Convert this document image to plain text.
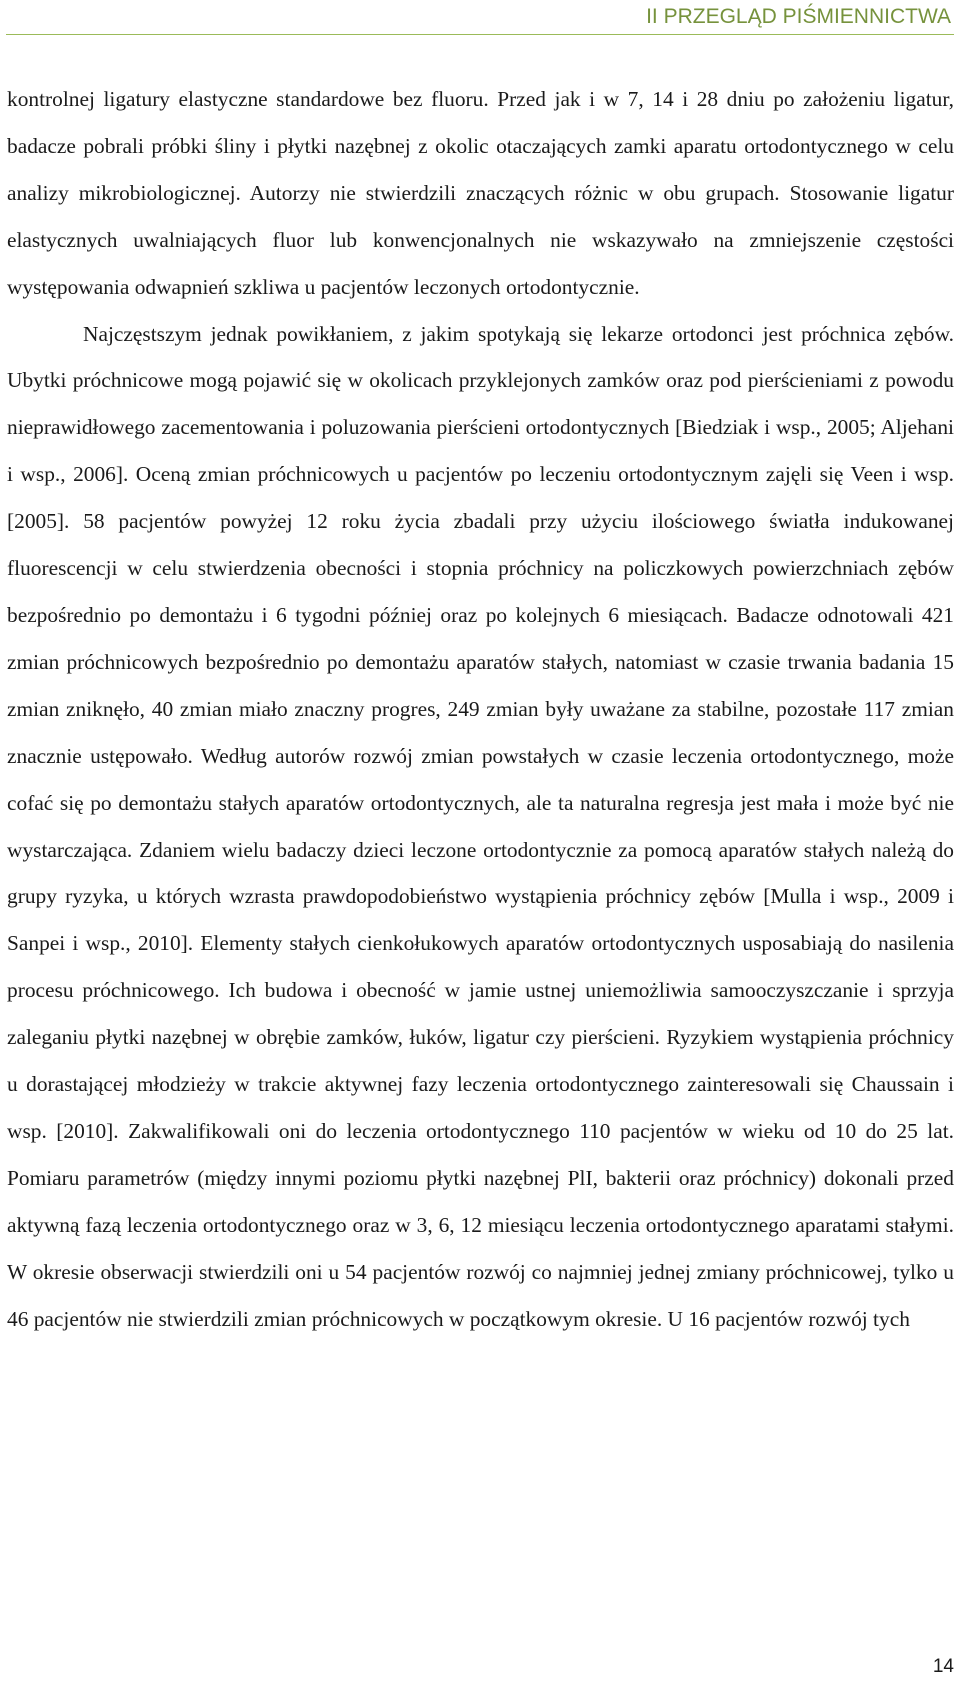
II PRZEGLĄD PIŚMIENNICTWA

kontrolnej ligatury elastyczne standardowe bez fluoru. Przed jak i w 7, 14 i 28 dniu po założeniu ligatur, badacze pobrali próbki śliny i płytki nazębnej z okolic otaczających zamki aparatu ortodontycznego w celu analizy mikrobiologicznej. Autorzy nie stwierdzili znaczących różnic w obu grupach. Stosowanie ligatur elastycznych uwalniających fluor lub konwencjonalnych nie wskazywało na zmniejszenie częstości występowania odwapnień szkliwa u pacjentów leczonych ortodontycznie.

Najczęstszym jednak powikłaniem, z jakim spotykają się lekarze ortodonci jest próchnica zębów. Ubytki próchnicowe mogą pojawić się w okolicach przyklejonych zamków oraz pod pierścieniami z powodu nieprawidłowego zacementowania i poluzowania pierścieni ortodontycznych [Biedziak i wsp., 2005; Aljehani i wsp., 2006]. Oceną zmian próchnicowych u pacjentów po leczeniu ortodontycznym zajęli się Veen i wsp. [2005]. 58 pacjentów powyżej 12 roku życia zbadali przy użyciu ilościowego światła indukowanej fluorescencji w celu stwierdzenia obecności i stopnia próchnicy na policzkowych powierzchniach zębów bezpośrednio po demontażu i 6 tygodni później oraz po kolejnych 6 miesiącach. Badacze odnotowali 421 zmian próchnicowych bezpośrednio po demontażu aparatów stałych, natomiast w czasie trwania badania 15 zmian zniknęło, 40 zmian miało znaczny progres, 249 zmian były uważane za stabilne, pozostałe 117 zmian znacznie ustępowało. Według autorów rozwój zmian powstałych w czasie leczenia ortodontycznego, może cofać się po demontażu stałych aparatów ortodontycznych, ale ta naturalna regresja jest mała i może być nie wystarczająca. Zdaniem wielu badaczy dzieci leczone ortodontycznie za pomocą aparatów stałych należą do grupy ryzyka, u których wzrasta prawdopodobieństwo wystąpienia próchnicy zębów [Mulla i wsp., 2009 i Sanpei i wsp., 2010]. Elementy stałych cienkołukowych aparatów ortodontycznych usposabiają do nasilenia procesu próchnicowego. Ich budowa i obecność w jamie ustnej uniemożliwia samooczyszczanie i sprzyja zaleganiu płytki nazębnej w obrębie zamków, łuków, ligatur czy pierścieni. Ryzykiem wystąpienia próchnicy u dorastającej młodzieży w trakcie aktywnej fazy leczenia ortodontycznego zainteresowali się Chaussain i wsp. [2010]. Zakwalifikowali oni do leczenia ortodontycznego 110 pacjentów w wieku od 10 do 25 lat. Pomiaru parametrów (między innymi poziomu płytki nazębnej PlI, bakterii oraz próchnicy) dokonali przed aktywną fazą leczenia ortodontycznego oraz w 3, 6, 12 miesiącu leczenia ortodontycznego aparatami stałymi. W okresie obserwacji stwierdzili oni u 54 pacjentów rozwój co najmniej jednej zmiany próchnicowej, tylko u 46 pacjentów nie stwierdzili zmian próchnicowych w początkowym okresie. U 16 pacjentów rozwój tych

14
